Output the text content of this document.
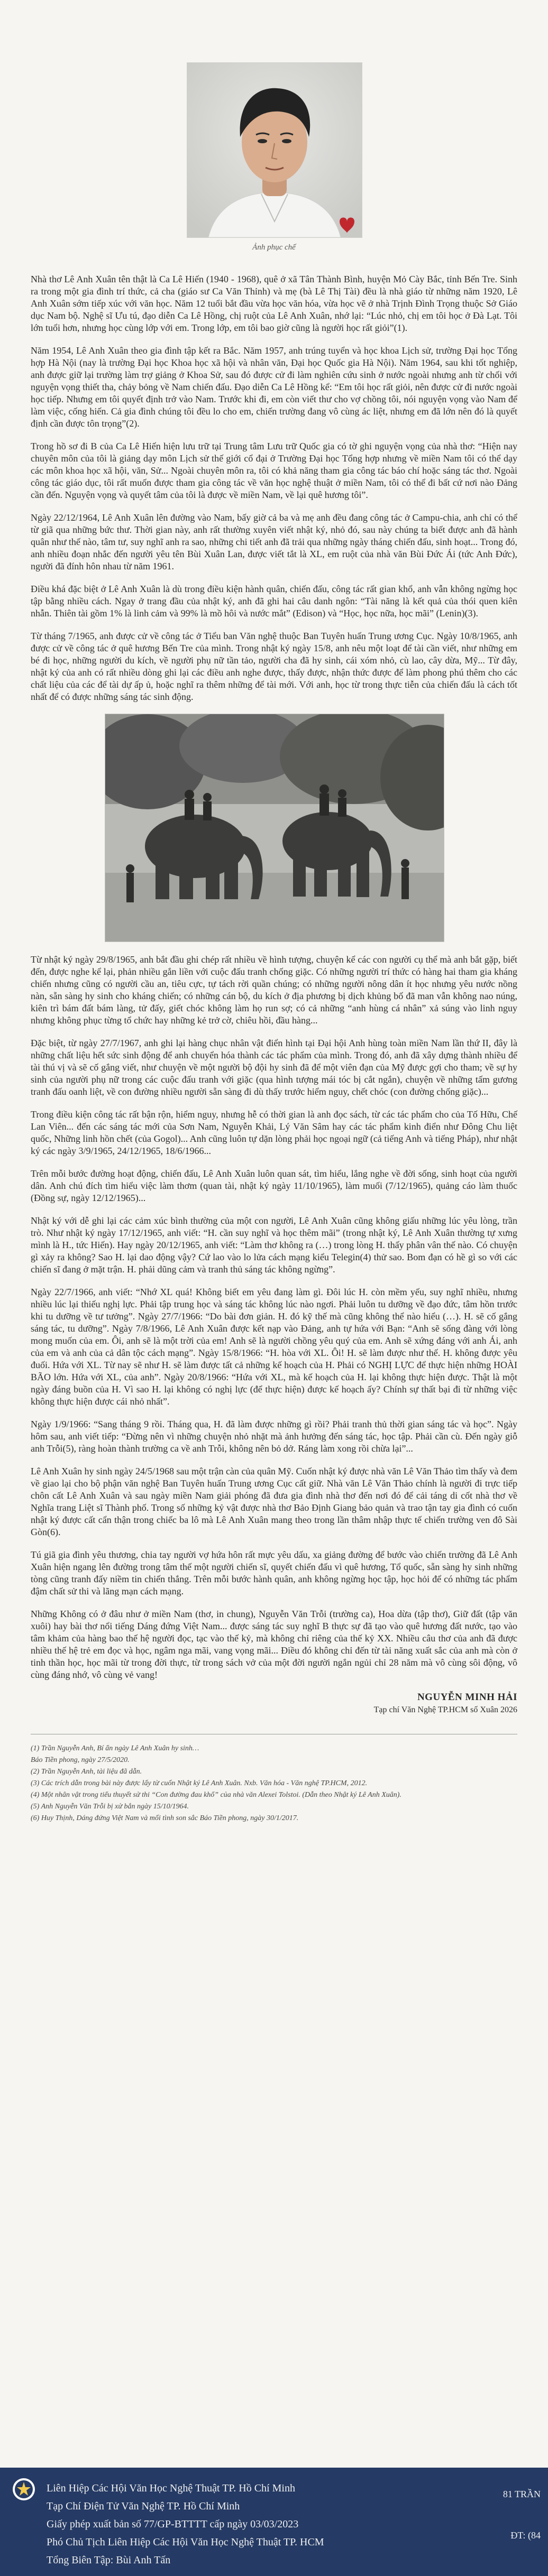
Ảnh phục chế

Nhà thơ Lê Anh Xuân tên thật là Ca Lê Hiến (1940 - 1968), quê ở xã Tân Thành Bình, huyện Mỏ Cày Bắc, tỉnh Bến Tre. Sinh ra trong một gia đình trí thức, cả cha (giáo sư Ca Văn Thỉnh) và mẹ (bà Lê Thị Tài) đều là nhà giáo từ những năm 1920, Lê Anh Xuân sớm tiếp xúc với văn học. Năm 12 tuổi bắt đầu vừa học văn hóa, vừa học vẽ ở nhà Trịnh Đình Trọng thuộc Sở Giáo dục Nam bộ. Nghệ sĩ Ưu tú, đạo diễn Ca Lê Hồng, chị ruột của Lê Anh Xuân, nhớ lại: “Lúc nhỏ, chị em tôi học ở Đà Lạt. Tôi lớn tuổi hơn, nhưng học cùng lớp với em. Trong lớp, em tôi bao giờ cũng là người học rất giỏi”(1).

Năm 1954, Lê Anh Xuân theo gia đình tập kết ra Bắc. Năm 1957, anh trúng tuyển và học khoa Lịch sử, trường Đại học Tổng hợp Hà Nội (nay là trường Đại học Khoa học xã hội và nhân văn, Đại học Quốc gia Hà Nội). Năm 1964, sau khi tốt nghiệp, anh được giữ lại trường làm trợ giảng ở Khoa Sử, sau đó được cử đi làm nghiên cứu sinh ở nước ngoài nhưng anh từ chối với nguyện vọng thiết tha, chảy bỏng về Nam chiến đấu. Đạo diễn Ca Lê Hồng kể: “Em tôi học rất giỏi, nên được cử đi nước ngoài học tiếp. Nhưng em tôi quyết định trở vào Nam. Trước khi đi, em còn viết thư cho vợ chồng tôi, nói nguyện vọng vào Nam để làm việc, cống hiến. Cả gia đình chúng tôi đều lo cho em, chiến trường đang vô cùng ác liệt, nhưng em đã lớn nên đó là quyết định cần được tôn trọng”(2).

Trong hồ sơ đi B của Ca Lê Hiến hiện lưu trữ tại Trung tâm Lưu trữ Quốc gia có tờ ghi nguyện vọng của nhà thơ: “Hiện nay chuyên môn của tôi là giảng dạy môn Lịch sử thế giới cổ đại ở Trường Đại học Tổng hợp nhưng về miền Nam tôi có thể dạy các môn khoa học xã hội, văn, Sử... Ngoài chuyên môn ra, tôi có khả năng tham gia công tác báo chí hoặc sáng tác thơ. Ngoài công tác giáo dục, tôi rất muốn được tham gia công tác về văn học nghệ thuật ở miền Nam, tôi có thể đi bất cứ nơi nào Đảng cần đến. Nguyện vọng và quyết tâm của tôi là được về miền Nam, về lại quê hương tôi”.

Ngày 22/12/1964, Lê Anh Xuân lên đường vào Nam, bấy giờ cả ba và mẹ anh đều đang công tác ở Campu-chia, anh chỉ có thể từ giã qua những bức thư. Thời gian này, anh rất thường xuyên viết nhật ký, nhỏ đó, sau này chúng ta biết được anh đã hành quân như thế nào, tâm tư, suy nghĩ anh ra sao, những chi tiết anh đã trải qua những ngày tháng chiến đấu, sinh hoạt... Trong đó, anh nhiều đoạn nhắc đến người yêu tên Bùi Xuân Lan, được viết tắt là XL, em ruột của nhà văn Bùi Đức Ái (tức Anh Đức), người đã đính hôn nhau từ năm 1961.

Điều khá đặc biệt ở Lê Anh Xuân là dù trong điều kiện hành quân, chiến đấu, công tác rất gian khổ, anh vẫn không ngừng học tập bằng nhiều cách. Ngay ở trang đầu của nhật ký, anh đã ghi hai câu danh ngôn: “Tài năng là kết quả của thói quen kiên nhẫn. Thiên tài gồm 1% là linh cảm và 99% là mồ hôi và nước mắt” (Edison) và “Học, học nữa, học mãi” (Lenin)(3).

Từ tháng 7/1965, anh được cử về công tác ở Tiểu ban Văn nghệ thuộc Ban Tuyên huấn Trung ương Cục. Ngày 10/8/1965, anh được cử về công tác ở quê hương Bến Tre của mình. Trong nhật ký ngày 15/8, anh nêu một loạt để tài cần viết, như những em bé đi học, những người du kích, về người phụ nữ tần tảo, người cha đã hy sinh, cái xóm nhỏ, cù lao, cây dừa, Mỹ... Từ đây, nhật ký của anh có rất nhiều dòng ghi lại các điều anh nghe được, thấy được, nhận thức được để làm phong phú thêm cho các chất liệu của các để tài dự ấp ủ, hoặc nghĩ ra thêm những để tài mới. Với anh, học từ trong thực tiễn của chiến đấu là cách tốt nhất để có được những sáng tác sinh động.

Từ nhật ký ngày 29/8/1965, anh bắt đầu ghi chép rất nhiều về hình tượng, chuyện kể các con người cụ thể mà anh bắt gặp, biết đến, được nghe kể lại, phản nhiều gắn liền với cuộc đấu tranh chống giặc. Có những người trí thức có hàng hai tham gia kháng chiến nhưng cũng có người cầu an, tiêu cực, tự tách rời quần chúng; có những người nông dân ít học nhưng yêu nước nồng nàn, sẵn sàng hy sinh cho kháng chiến; có những cán bộ, du kích ở địa phương bị dịch khủng bố đã man vẫn không nao núng, kiên trì bám đất bám làng, tử đấy, giết chóc không làm họ run sợ; có cả những “anh hùng cá nhân” xả súng vào linh nguy nhưng không phục từng tổ chức hay những kẻ trở cờ, chiêu hồi, đầu hàng...

Đặc biệt, từ ngày 27/7/1967, anh ghi lại hàng chục nhân vật điển hình tại Đại hội Anh hùng toàn miền Nam lần thứ II, đây là những chất liệu hết sức sinh động để anh chuyển hóa thành các tác phẩm của mình. Trong đó, anh đã xây dựng thành nhiều để tài thú vị và sẽ cố gắng viết, như chuyện về một người bộ đội hy sinh đã để một viên đạn của Mỹ được gợi cho tham; về sự hy sinh của người phụ nữ trong các cuộc đấu tranh với giặc (qua hình tượng mái tóc bị cắt ngắn), chuyện về những tấm gương tranh đấu oanh liệt, về con đường nhiều người sẵn sàng đi dù thấy trước hiểm nguy, chết chóc (con đường chống giặc)...

Trong điều kiện công tác rất bận rộn, hiểm nguy, nhưng hễ có thời gian là anh đọc sách, từ các tác phẩm cho của Tố Hữu, Chế Lan Viên... đến các sáng tác mới của Sơn Nam, Nguyễn Khải, Lý Văn Sâm hay các tác phẩm kinh điển như Đông Chu liệt quốc, Những linh hồn chết (của Gogol)... Anh cũng luôn tự dặn lòng phải học ngoại ngữ (cả tiếng Anh và tiếng Pháp), như nhật ký các ngày 3/9/1965, 24/12/1965, 18/6/1966...

Trên mỗi bước đường hoạt động, chiến đấu, Lê Anh Xuân luôn quan sát, tìm hiểu, lắng nghe về đời sống, sinh hoạt của người dân. Anh chú đích tìm hiểu việc làm thơm (quan tài, nhật ký ngày 11/10/1965), làm muối (7/12/1965), quảng cáo làm thuốc (Đồng sự, ngày 12/12/1965)...

Nhật ký với dễ ghi lại các cảm xúc bình thường của một con người, Lê Anh Xuân cũng không giấu những lúc yêu lòng, trần trò. Như nhật ký ngày 17/12/1965, anh viết: “H. cần suy nghĩ và học thêm mãi” (trong nhật ký, Lê Anh Xuân thường tự xưng mình là H., tức Hiến). Hay ngày 20/12/1965, anh viết: “Làm thơ không ra (…) trong lòng H. thấy phân vân thế nào. Có chuyện gì xảy ra không? Sao H. lại dao động vậy? Cứ lao vào lo lửa cách mạng kiểu Telegin(4) thử sao. Bom đạn có hề gì so với các chiến sĩ đang ở mặt trận. H. phải dũng cảm và tranh thủ sáng tác không ngừng”.

Ngày 22/7/1966, anh viết: “Nhớ XL quá! Không biết em yêu đang làm gì. Đôi lúc H. còn mềm yếu, suy nghĩ nhiều, nhưng nhiều lúc lại thiếu nghị lực. Phải tập trung học và sáng tác không lúc nào ngơi. Phải luôn tu dưỡng về đạo đức, tâm hồn trước khi tu dưỡng về tư tưởng”. Ngày 27/7/1966: “Do bài đơn giản. H. đó kỹ thế mà cũng không thể nào hiểu (…). H. sẽ cố gắng sáng tác, tu dưỡng”. Ngày 7/8/1966, Lê Anh Xuân được kết nạp vào Đảng, anh tự hứa với Bạn: “Anh sẽ sống đàng với lòng mong muốn của em. Ôi, anh sẽ là một trời của em! Anh sẽ là người chồng yêu quý của em. Anh sẽ xứng đáng với anh Ái, anh của em và anh của cả dân tộc cách mạng”. Ngày 15/8/1966: “H. hòa với XL. Ôi! H. sẽ làm được như thế. H. không được yêu đuối. Hứa với XL. Từ nay sẽ như H. sẽ làm được tất cả những kế hoạch của H. Phải có NGHỊ LỰC để thực hiện những HOÀI BÃO lớn. Hứa với XL, của anh”. Ngày 20/8/1966: “Hứa với XL, mà kế hoạch của H. lại không thực hiện được. Thật là một ngày đáng buồn của H. Vì sao H. lại không có nghị lực (để thực hiện) được kế hoạch ấy? Chính sự thất bại đi từ những việc không thực hiện được cái nhỏ nhất”.

Ngày 1/9/1966: “Sang tháng 9 rồi. Tháng qua, H. đã làm được những gì rồi? Phải tranh thủ thời gian sáng tác và học”. Ngày hôm sau, anh viết tiếp: “Đừng nên vì những chuyện nhỏ nhặt mà ảnh hưởng đến sáng tác, học tập. Phải cần cù. Đến ngày giỗ anh Trỗi(5), ràng hoàn thành trường ca về anh Trỗi, không nên bỏ dở. Ráng làm xong rồi chừa lại”...

Lê Anh Xuân hy sinh ngày 24/5/1968 sau một trận càn của quân Mỹ. Cuốn nhật ký được nhà văn Lê Văn Thảo tìm thấy và đem về giao lại cho bộ phận văn nghệ Ban Tuyên huấn Trung ương Cục cất giữ. Nhà văn Lê Văn Thảo chính là người đi trực tiếp chôn cất Lê Anh Xuân và sau ngày miền Nam giải phóng đã đưa gia đình nhà thơ đến nơi đó để cải táng di cốt nhà thơ về Nghĩa trang Liệt sĩ Thành phố. Trong số những kỷ vật được nhà thơ Bảo Định Giang bảo quản và trao tận tay gia đình có cuốn nhật ký được cất cẩn thận trong chiếc ba lô mà Lê Anh Xuân mang theo trong lần thâm nhập thực tế chiến trường ven đô Sài Gòn(6).

Tú giã gia đình yêu thương, chia tay người vợ hứa hôn rất mực yêu dấu, xa giảng đường để bước vào chiến trường đã Lê Anh Xuân hiện ngang lên đường trong tâm thế một người chiến sĩ, quyết chiến đấu vì quê hương, Tổ quốc, sẵn sàng hy sinh những tòng cũng tranh đấy niềm tin chiến thắng. Trên mỗi bước hành quân, anh không ngừng học tập, học hỏi để có những tác phẩm đậm chất sử thi và lãng mạn cách mạng.

Những Không có ở đâu như ở miền Nam (thơ, in chung), Nguyễn Văn Trỗi (trường ca), Hoa dừa (tập thơ), Giữ đất (tập văn xuôi) hay bài thơ nổi tiếng Dáng đứng Việt Nam... được sáng tác suy nghĩ B thực sự đã tạo vào quê hương đất nước, tạo vào tâm khảm của hàng bao thế hệ người đọc, tạc vào thế kỷ, mà không chỉ riêng của thế kỷ XX. Nhiều câu thơ của anh đã được nhiều thế hệ trẻ em đọc và học, ngâm nga mãi, vang vọng mãi... Điều đó không chỉ đến từ tài năng xuất sắc của anh mà còn ở tinh thần học, học mãi từ trong đời thực, từ trong sách vở của một đời người ngắn ngủi chỉ 28 năm mà vô cùng sôi động, vô cùng đáng nhớ, vô cùng vẻ vang!

NGUYỄN MINH HẢI
Tạp chí Văn Nghệ TP.HCM số Xuân 2026
(1) Trần Nguyễn Anh, Bí ẩn ngày Lê Anh Xuân hy sinh…
Báo Tiền phong, ngày 27/5/2020.
(2) Trần Nguyễn Anh, tài liệu đã dẫn.
(3) Các trích dẫn trong bài này được lấy từ cuốn Nhật ký Lê Anh Xuân. Nxb. Văn hóa - Văn nghệ TP.HCM, 2012.
(4) Một nhân vật trong tiểu thuyết sử thi “Con đường đau khổ” của nhà văn Alexei Tolstoi. (Dẫn theo Nhật ký Lê Anh Xuân).
(5) Anh Nguyễn Văn Trỗi bị xử bắn ngày 15/10/1964.
(6) Huy Thịnh, Dáng đứng Việt Nam và mối tình son sắc Báo Tiền phong, ngày 30/1/2017.
Liên Hiệp Các Hội Văn Học Nghệ Thuật TP. Hồ Chí Minh
Tạp Chí Điện Tử Văn Nghệ TP. Hồ Chí Minh
Giấy phép xuất bản số 77/GP-BTTTT cấp ngày 03/03/2023
Phó Chủ Tịch Liên Hiệp Các Hội Văn Học Nghệ Thuật TP. HCM
Tổng Biên Tập: Bùi Anh Tấn
81 TRẦN
ĐT: (84
